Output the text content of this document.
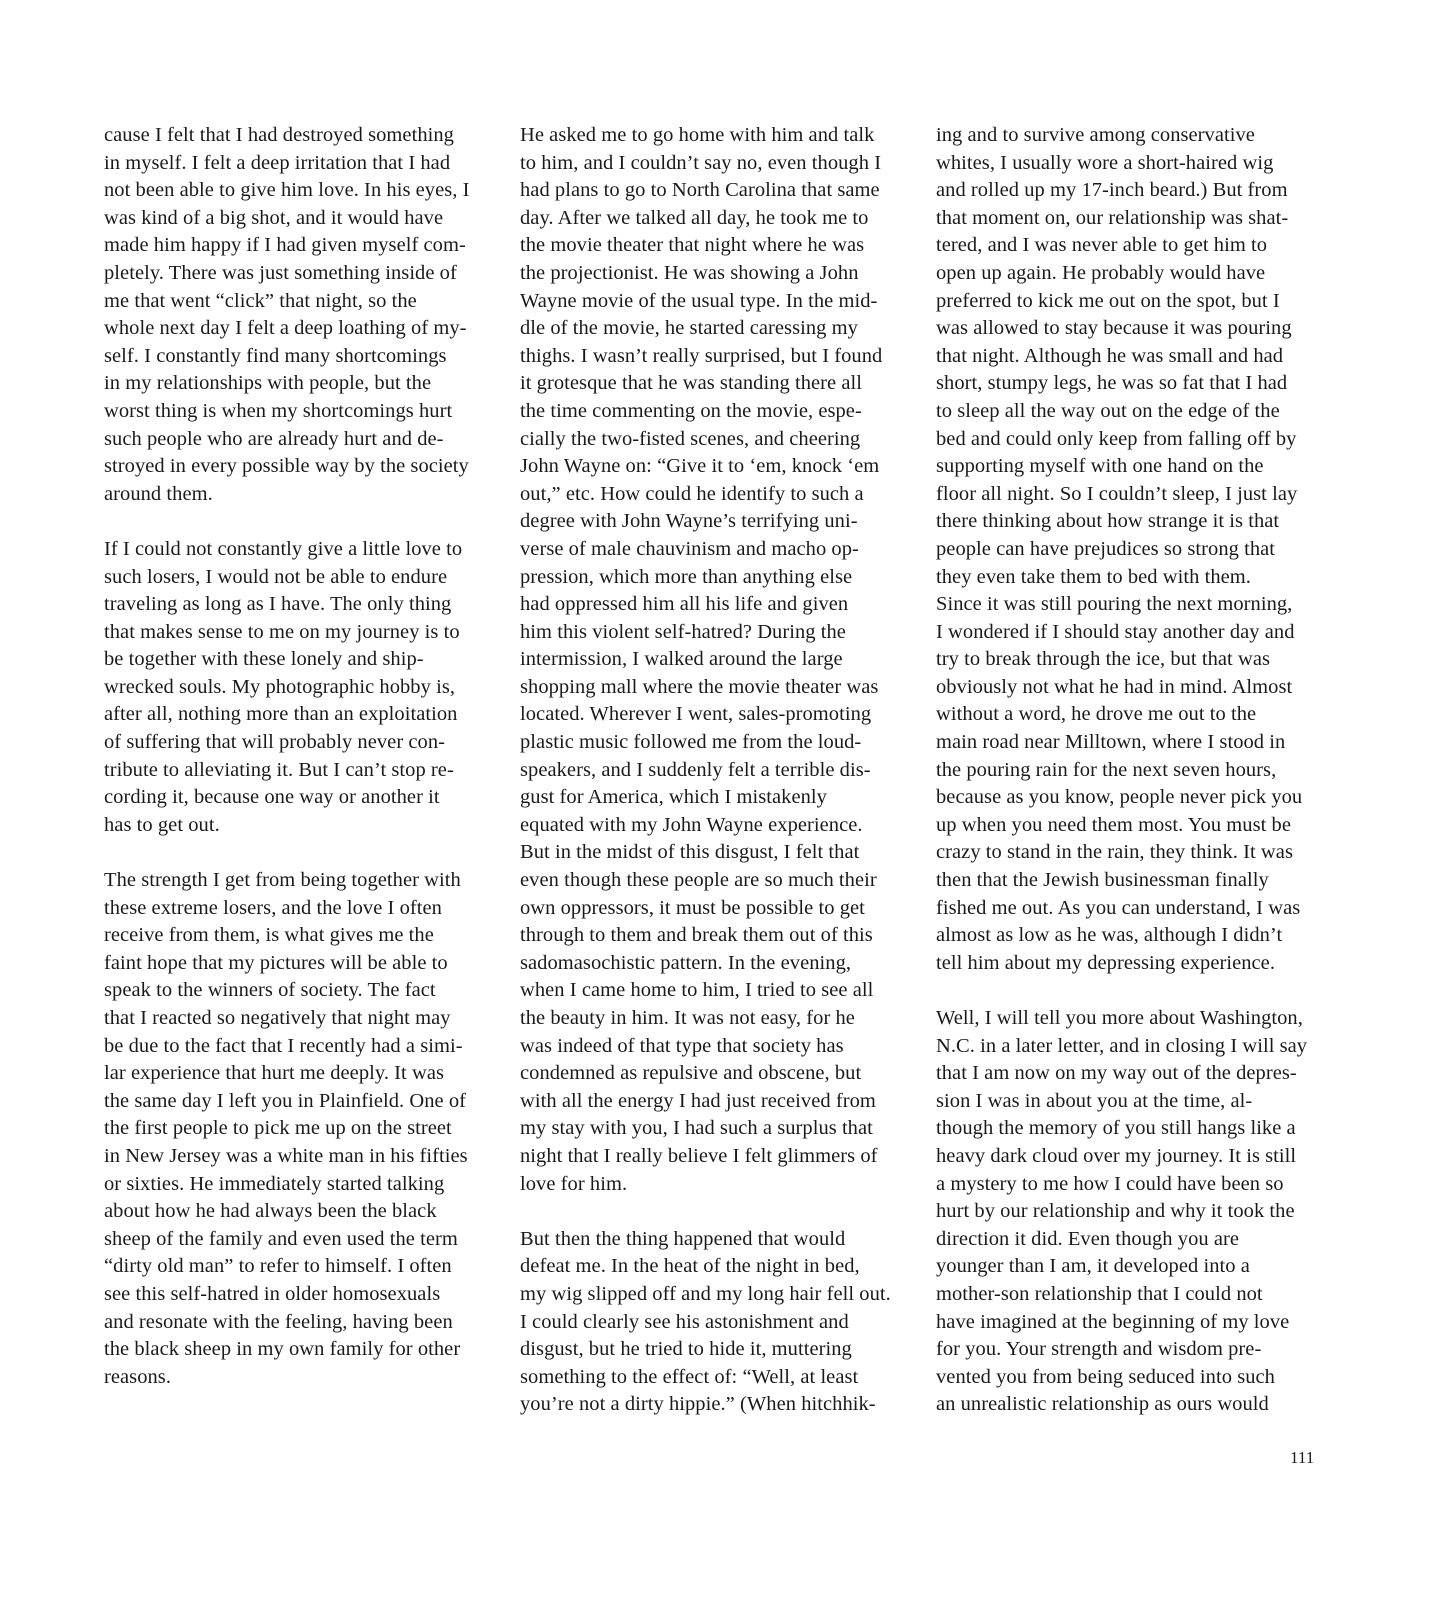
cause I felt that I had destroyed something
in myself. I felt a deep irritation that I had
not been able to give him love. In his eyes, I
was kind of a big shot, and it would have
made him happy if I had given myself com-
pletely. There was just something inside of
me that went “click” that night, so the
whole next day I felt a deep loathing of my-
self. I constantly find many shortcomings
in my relationships with people, but the
worst thing is when my shortcomings hurt
such people who are already hurt and de-
stroyed in every possible way by the society
around them.
If I could not constantly give a little love to
such losers, I would not be able to endure
traveling as long as I have. The only thing
that makes sense to me on my journey is to
be together with these lonely and ship-
wrecked souls. My photographic hobby is,
after all, nothing more than an exploitation
of suffering that will probably never con-
tribute to alleviating it. But I can’t stop re-
cording it, because one way or another it
has to get out.
The strength I get from being together with
these extreme losers, and the love I often
receive from them, is what gives me the
faint hope that my pictures will be able to
speak to the winners of society. The fact
that I reacted so negatively that night may
be due to the fact that I recently had a simi-
lar experience that hurt me deeply. It was
the same day I left you in Plainfield. One of
the first people to pick me up on the street
in New Jersey was a white man in his fifties
or sixties. He immediately started talking
about how he had always been the black
sheep of the family and even used the term
“dirty old man” to refer to himself. I often
see this self-hatred in older homosexuals
and resonate with the feeling, having been
the black sheep in my own family for other
reasons.
He asked me to go home with him and talk
to him, and I couldn’t say no, even though I
had plans to go to North Carolina that same
day. After we talked all day, he took me to
the movie theater that night where he was
the projectionist. He was showing a John
Wayne movie of the usual type. In the mid-
dle of the movie, he started caressing my
thighs. I wasn’t really surprised, but I found
it grotesque that he was standing there all
the time commenting on the movie, espe-
cially the two-fisted scenes, and cheering
John Wayne on: “Give it to ‘em, knock ‘em
out,” etc. How could he identify to such a
degree with John Wayne’s terrifying uni-
verse of male chauvinism and macho op-
pression, which more than anything else
had oppressed him all his life and given
him this violent self-hatred? During the
intermission, I walked around the large
shopping mall where the movie theater was
located. Wherever I went, sales-promoting
plastic music followed me from the loud-
speakers, and I suddenly felt a terrible dis-
gust for America, which I mistakenly
equated with my John Wayne experience.
But in the midst of this disgust, I felt that
even though these people are so much their
own oppressors, it must be possible to get
through to them and break them out of this
sadomasochistic pattern. In the evening,
when I came home to him, I tried to see all
the beauty in him. It was not easy, for he
was indeed of that type that society has
condemned as repulsive and obscene, but
with all the energy I had just received from
my stay with you, I had such a surplus that
night that I really believe I felt glimmers of
love for him.
But then the thing happened that would
defeat me. In the heat of the night in bed,
my wig slipped off and my long hair fell out.
I could clearly see his astonishment and
disgust, but he tried to hide it, muttering
something to the effect of: “Well, at least
you’re not a dirty hippie.” (When hitchhik-
ing and to survive among conservative
whites, I usually wore a short-haired wig
and rolled up my 17-inch beard.) But from
that moment on, our relationship was shat-
tered, and I was never able to get him to
open up again. He probably would have
preferred to kick me out on the spot, but I
was allowed to stay because it was pouring
that night. Although he was small and had
short, stumpy legs, he was so fat that I had
to sleep all the way out on the edge of the
bed and could only keep from falling off by
supporting myself with one hand on the
floor all night. So I couldn’t sleep, I just lay
there thinking about how strange it is that
people can have prejudices so strong that
they even take them to bed with them.
Since it was still pouring the next morning,
I wondered if I should stay another day and
try to break through the ice, but that was
obviously not what he had in mind. Almost
without a word, he drove me out to the
main road near Milltown, where I stood in
the pouring rain for the next seven hours,
because as you know, people never pick you
up when you need them most. You must be
crazy to stand in the rain, they think. It was
then that the Jewish businessman finally
fished me out. As you can understand, I was
almost as low as he was, although I didn’t
tell him about my depressing experience.
Well, I will tell you more about Washington,
N.C. in a later letter, and in closing I will say
that I am now on my way out of the depres-
sion I was in about you at the time, al-
though the memory of you still hangs like a
heavy dark cloud over my journey. It is still
a mystery to me how I could have been so
hurt by our relationship and why it took the
direction it did. Even though you are
younger than I am, it developed into a
mother-son relationship that I could not
have imagined at the beginning of my love
for you. Your strength and wisdom pre-
vented you from being seduced into such
an unrealistic relationship as ours would
111
